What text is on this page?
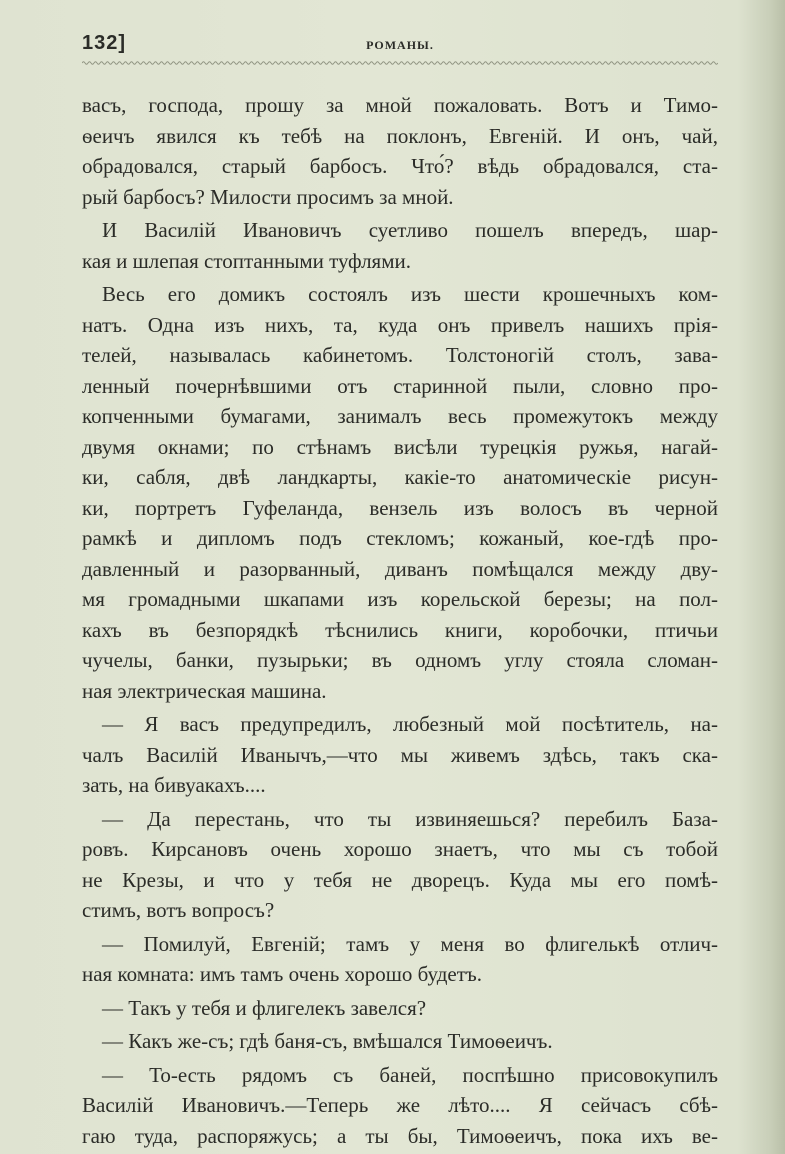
132]	РОМАНЫ.
васъ, господа, прошу за мной пожаловать. Вотъ и Тимо-
ѳеичъ явился къ тебѣ на поклонъ, Евгеній. И онъ, чай,
обрадовался, старый барбосъ. Что́? вѣдь обрадовался, ста-
рый барбосъ? Милости просимъ за мной.
И Василій Ивановичъ суетливо пошелъ впередъ, шар-
кая и шлепая стоптанными туфлями.
Весь его домикъ состоялъ изъ шести крошечныхъ ком-
натъ. Одна изъ нихъ, та, куда онъ привелъ нашихъ прія-
телей, называлась кабинетомъ. Толстоногій столъ, зава-
ленный почернѣвшими отъ старинной пыли, словно про-
копченными бумагами, занималъ весь промежутокъ между
двумя окнами; по стѣнамъ висѣли турецкія ружья, нагай-
ки, сабля, двѣ ландкарты, какіе-то анатомическіе рисун-
ки, портретъ Гуфеланда, вензель изъ волосъ въ черной
рамкѣ и дипломъ подъ стекломъ; кожаный, кое-гдѣ про-
давленный и разорванный, диванъ помѣщался между дву-
мя громадными шкапами изъ корельской березы; на пол-
кахъ въ безпорядкѣ тѣснились книги, коробочки, птичьи
чучелы, банки, пузырьки; въ одномъ углу стояла сломан-
ная электрическая машина.
— Я васъ предупредилъ, любезный мой посѣтитель, на-
чалъ Василій Иванычъ,—что мы живемъ здѣсь, такъ ска-
зать, на бивуакахъ....
— Да перестань, что ты извиняешься? перебилъ База-
ровъ. Кирсановъ очень хорошо знаетъ, что мы съ тобой
не Крезы, и что у тебя не дворецъ. Куда мы его помѣ-
стимъ, вотъ вопросъ?
— Помилуй, Евгеній; тамъ у меня во флигелькѣ отлич-
ная комната: имъ тамъ очень хорошо будетъ.
— Такъ у тебя и флигелекъ завелся?
— Какъ же-съ; гдѣ баня-съ, вмѣшался Тимоѳеичъ.
— То-есть рядомъ съ баней, поспѣшно присовокупилъ
Василій Ивановичъ.—Теперь же лѣто.... Я сейчасъ сбѣ-
гаю туда, распоряжусь; а ты бы, Тимоѳеичъ, пока ихъ ве-
